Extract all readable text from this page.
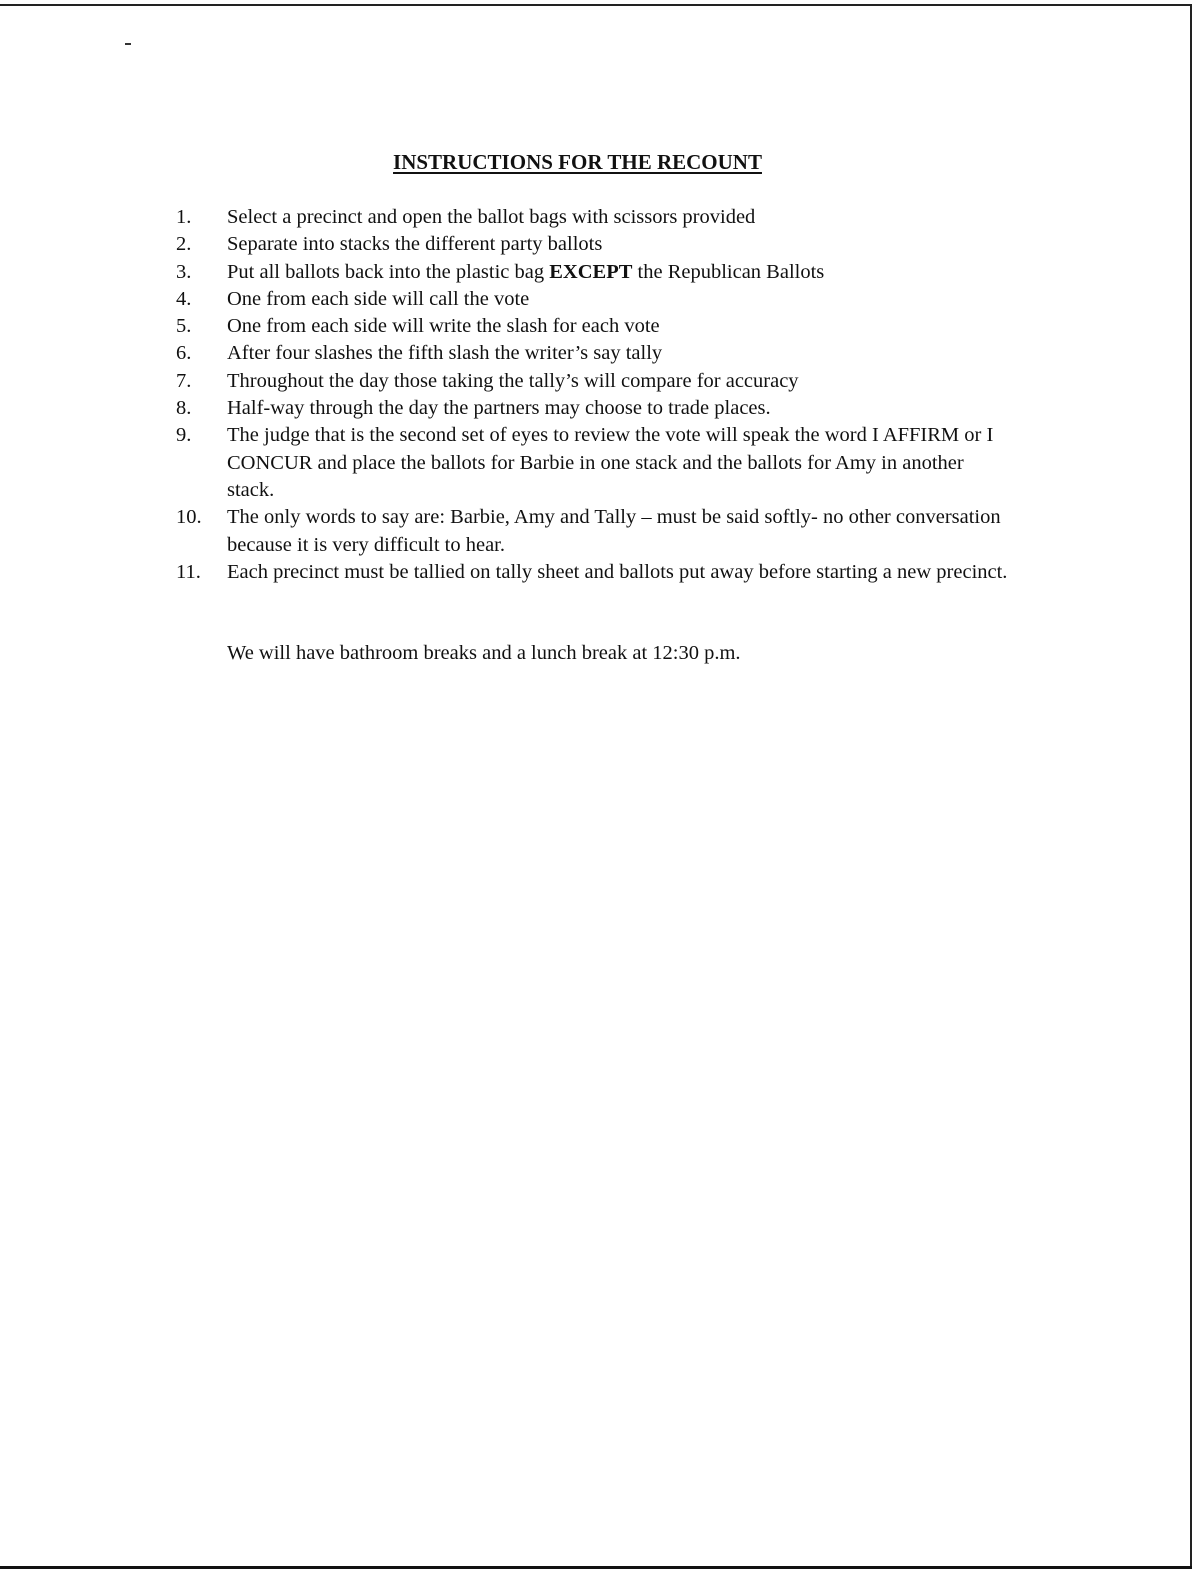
INSTRUCTIONS FOR THE RECOUNT
1. Select a precinct and open the ballot bags with scissors provided
2. Separate into stacks the different party ballots
3. Put all ballots back into the plastic bag EXCEPT the Republican Ballots
4. One from each side will call the vote
5. One from each side will write the slash for each vote
6. After four slashes the fifth slash the writer’s say tally
7. Throughout the day those taking the tally’s will compare for accuracy
8. Half-way through the day the partners may choose to trade places.
9. The judge that is the second set of eyes to review the vote will speak the word I AFFIRM or I CONCUR and place the ballots for Barbie in one stack and the ballots for Amy in another stack.
10. The only words to say are: Barbie, Amy and Tally – must be said softly- no other conversation because it is very difficult to hear.
11. Each precinct must be tallied on tally sheet and ballots put away before starting a new precinct.

We will have bathroom breaks and a lunch break at 12:30 p.m.
